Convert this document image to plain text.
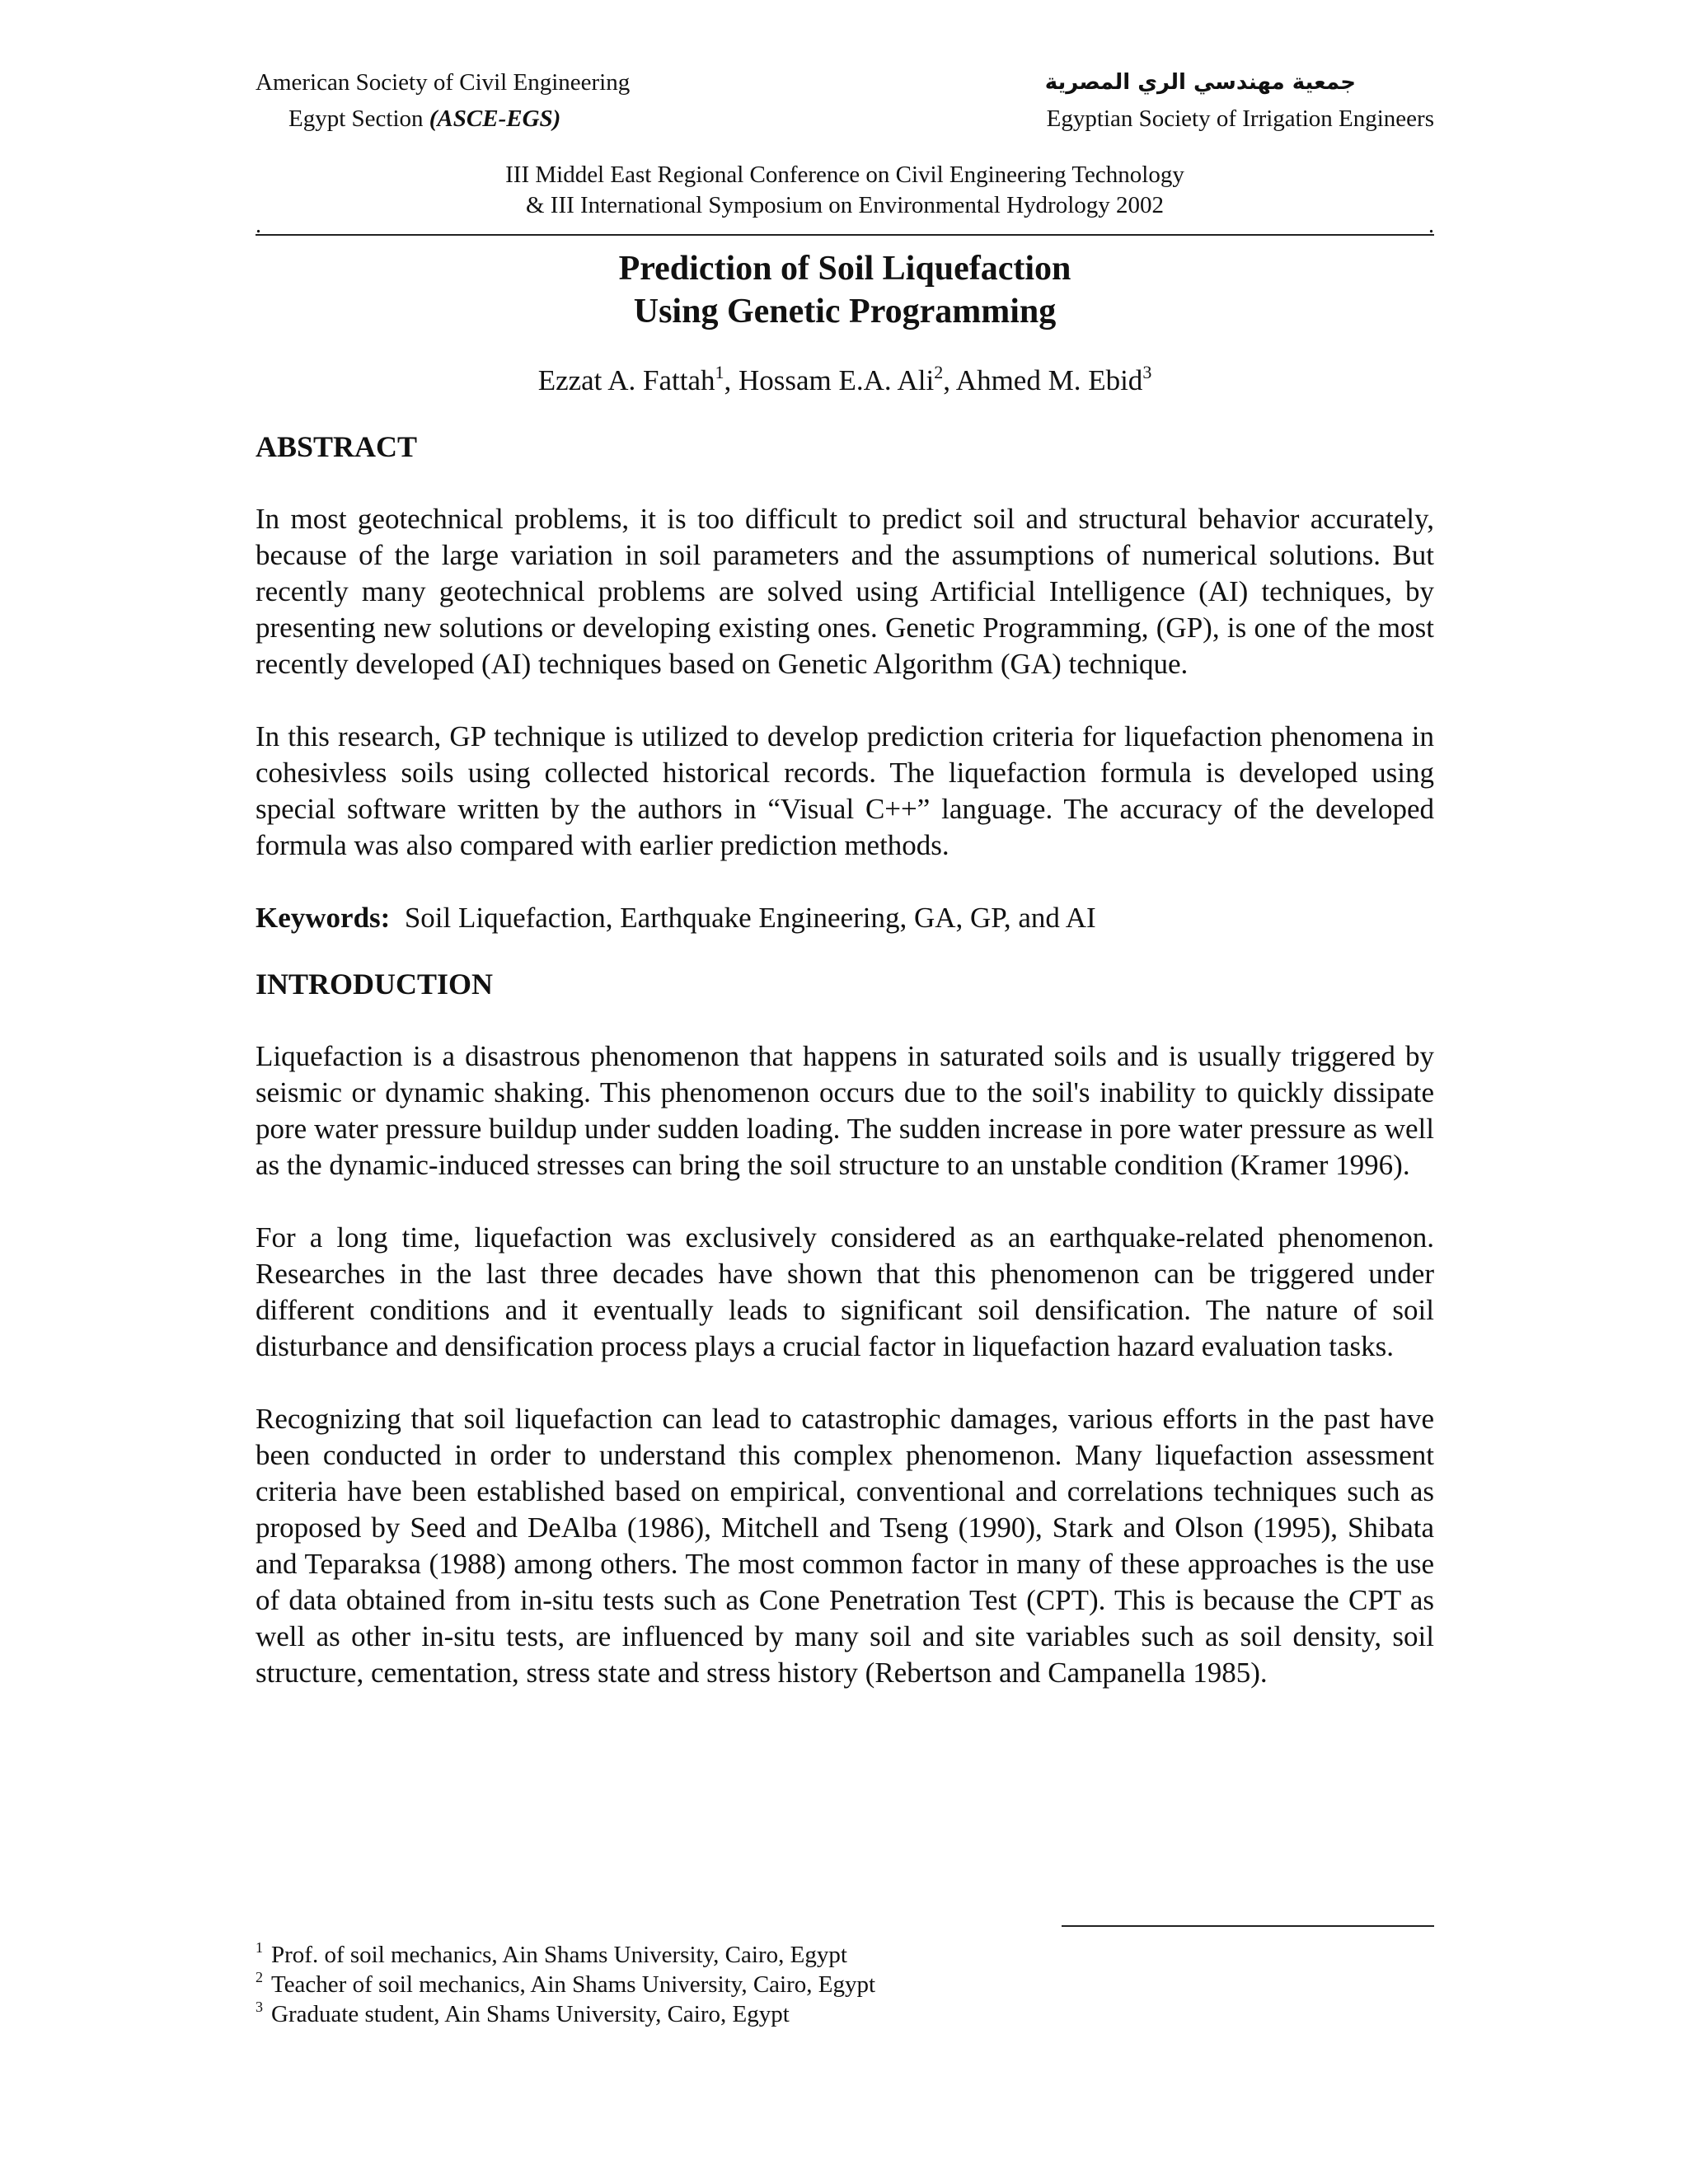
American Society of Civil Engineering	جمعية مهندسي الري المصرية
Egypt Section (ASCE-EGS)	Egyptian Society of Irrigation Engineers
III Middel East Regional Conference on Civil Engineering Technology
& III International Symposium on Environmental Hydrology 2002
.	.
Prediction of Soil Liquefaction
Using Genetic Programming
Ezzat A. Fattah$^1$, Hossam E.A. Ali$^2$, Ahmed M. Ebid$^3$
ABSTRACT

In most geotechnical problems, it is too difficult to predict soil and structural behavior accurately, because of the large variation in soil parameters and the assumptions of numerical solutions. But recently many geotechnical problems are solved using Artificial Intelligence (AI) techniques, by presenting new solutions or developing existing ones. Genetic Programming, (GP), is one of the most recently developed (AI) techniques based on Genetic Algorithm (GA) technique.

In this research, GP technique is utilized to develop prediction criteria for liquefaction phenomena in cohesivless soils using collected historical records. The liquefaction formula is developed using special software written by the authors in “Visual C++” language. The accuracy of the developed formula was also compared with earlier prediction methods.

Keywords: Soil Liquefaction, Earthquake Engineering, GA, GP, and AI

INTRODUCTION

Liquefaction is a disastrous phenomenon that happens in saturated soils and is usually triggered by seismic or dynamic shaking. This phenomenon occurs due to the soil's inability to quickly dissipate pore water pressure buildup under sudden loading. The sudden increase in pore water pressure as well as the dynamic-induced stresses can bring the soil structure to an unstable condition (Kramer 1996).

For a long time, liquefaction was exclusively considered as an earthquake-related phenomenon. Researches in the last three decades have shown that this phenomenon can be triggered under different conditions and it eventually leads to significant soil densification. The nature of soil disturbance and densification process plays a crucial factor in liquefaction hazard evaluation tasks.

Recognizing that soil liquefaction can lead to catastrophic damages, various efforts in the past have been conducted in order to understand this complex phenomenon. Many liquefaction assessment criteria have been established based on empirical, conventional and correlations techniques such as proposed by Seed and DeAlba (1986), Mitchell and Tseng (1990), Stark and Olson (1995), Shibata and Teparaksa (1988) among others. The most common factor in many of these approaches is the use of data obtained from in-situ tests such as Cone Penetration Test (CPT). This is because the CPT as well as other in-situ tests, are influenced by many soil and site variables such as soil density, soil structure, cementation, stress state and stress history (Rebertson and Campanella 1985).

$^1$ Prof. of soil mechanics, Ain Shams University, Cairo, Egypt
$^2$ Teacher of soil mechanics, Ain Shams University, Cairo, Egypt
$^3$ Graduate student, Ain Shams University, Cairo, Egypt
